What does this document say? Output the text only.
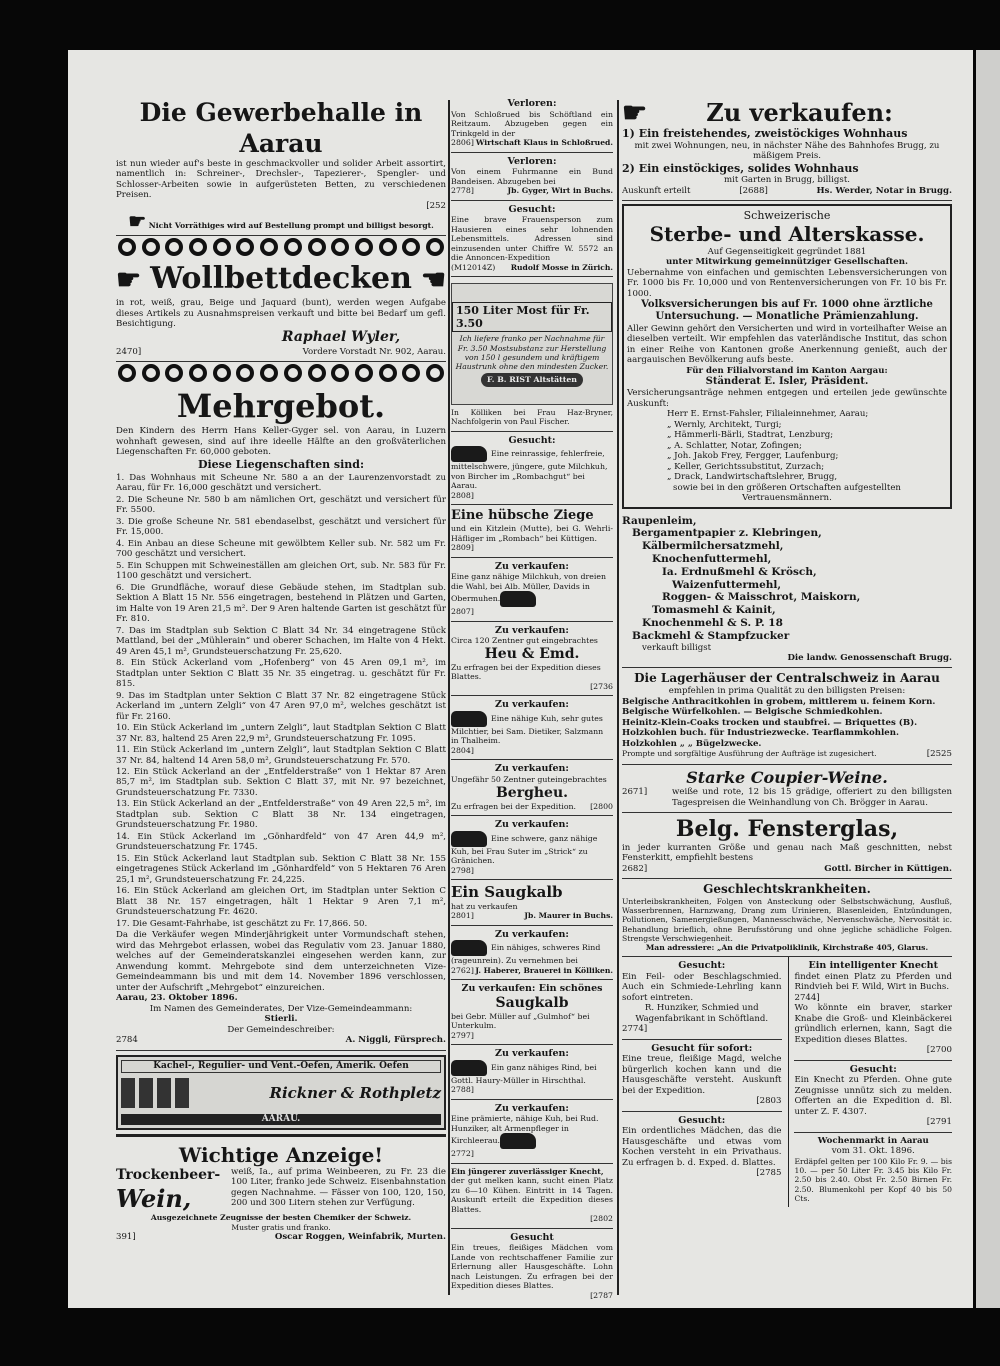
Die Gewerbehalle in Aarau
ist nun wieder auf's beste in geschmackvoller und solider Arbeit assortirt, namentlich in: Schreiner-, Drechsler-, Tapezierer-, Spengler- und Schlosser-Arbeiten sowie in aufgerüsteten Betten, zu verschiedenen Preisen.
[252
☛ Nicht Vorräthiges wird auf Bestellung prompt und billigst besorgt.
☛ Wollbettdecken ☛
in rot, weiß, grau, Beige und Jaquard (bunt), werden wegen Aufgabe dieses Artikels zu Ausnahmspreisen verkauft und bitte bei Bedarf um gefl. Besichtigung.
Raphael Wyler,
2470]	Vordere Vorstadt Nr. 902, Aarau.
Mehrgebot.
Den Kindern des Herrn Hans Keller-Gyger sel. von Aarau, in Luzern wohnhaft gewesen, sind auf ihre ideelle Hälfte an den großväterlichen Liegenschaften Fr. 60,000 geboten.
Diese Liegenschaften sind:
1. Das Wohnhaus mit Scheune Nr. 580 a an der Laurenzenvorstadt zu Aarau, für Fr. 16,000 geschätzt und versichert.
2. Die Scheune Nr. 580 b am nämlichen Ort, geschätzt und versichert für Fr. 5500.
3. Die große Scheune Nr. 581 ebendaselbst, geschätzt und versichert für Fr. 15,000.
4. Ein Anbau an diese Scheune mit gewölbtem Keller sub. Nr. 582 um Fr. 700 geschätzt und versichert.
5. Ein Schuppen mit Schweineställen am gleichen Ort, sub. Nr. 583 für Fr. 1100 geschätzt und versichert.
6. Die Grundfläche, worauf diese Gebäude stehen, im Stadtplan sub. Sektion A Blatt 15 Nr. 556 eingetragen, bestehend in Plätzen und Garten, im Halte von 19 Aren 21,5 m². Der 9 Aren haltende Garten ist geschätzt für Fr. 810.
7. Das im Stadtplan sub Sektion C Blatt 34 Nr. 34 eingetragene Stück Mattland, bei der „Mühlerain“ und oberer Schachen, im Halte von 4 Hekt. 49 Aren 45,1 m², Grundsteuerschatzung Fr. 25,620.
8. Ein Stück Ackerland vom „Hofenberg“ von 45 Aren 09,1 m², im Stadtplan unter Sektion C Blatt 35 Nr. 35 eingetrag. u. geschätzt für Fr. 815.
9. Das im Stadtplan unter Sektion C Blatt 37 Nr. 82 eingetragene Stück Ackerland im „untern Zelgli“ von 47 Aren 97,0 m², welches geschätzt ist für Fr. 2160.
10. Ein Stück Ackerland im „untern Zelgli“, laut Stadtplan Sektion C Blatt 37 Nr. 83, haltend 25 Aren 22,9 m², Grundsteuerschatzung Fr. 1095.
11. Ein Stück Ackerland im „untern Zelgli“, laut Stadtplan Sektion C Blatt 37 Nr. 84, haltend 14 Aren 58,0 m², Grundsteuerschatzung Fr. 570.
12. Ein Stück Ackerland an der „Entfelderstraße“ von 1 Hektar 87 Aren 85,7 m², im Stadtplan sub. Sektion C Blatt 37, mit Nr. 97 bezeichnet, Grundsteuerschatzung Fr. 7330.
13. Ein Stück Ackerland an der „Entfelderstraße“ von 49 Aren 22,5 m², im Stadtplan sub. Sektion C Blatt 38 Nr. 134 eingetragen, Grundsteuerschatzung Fr. 1980.
14. Ein Stück Ackerland im „Gönhardfeld“ von 47 Aren 44,9 m², Grundsteuerschatzung Fr. 1745.
15. Ein Stück Ackerland laut Stadtplan sub. Sektion C Blatt 38 Nr. 155 eingetragenes Stück Ackerland im „Gönhardfeld“ von 5 Hektaren 76 Aren 25,1 m², Grundsteuerschatzung Fr. 24,225.
16. Ein Stück Ackerland am gleichen Ort, im Stadtplan unter Sektion C Blatt 38 Nr. 157 eingetragen, hält 1 Hektar 9 Aren 7,1 m², Grundsteuerschatzung Fr. 4620.
17. Die Gesamt-Fahrhabe, ist geschätzt zu Fr. 17,866. 50.
Da die Verkäufer wegen Minderjährigkeit unter Vormundschaft stehen, wird das Mehrgebot erlassen, wobei das Regulativ vom 23. Januar 1880, welches auf der Gemeinderatskanzlei eingesehen werden kann, zur Anwendung kommt. Mehrgebote sind dem unterzeichneten Vize-Gemeindeammann bis und mit dem 14. November 1896 verschlossen, unter der Aufschrift „Mehrgebot“ einzureichen.
Aarau, 23. Oktober 1896.
Im Namen des Gemeinderates, Der Vize-Gemeindeammann:
Stierli.
Der Gemeindeschreiber:
2784	A. Niggli, Fürsprech.
Kachel-, Regulier- und Vent.-Oefen, Amerik. Oefen
Rickner & Rothpletz
AARAU.
Wichtige Anzeige!
Trockenbeer-
Wein,
weiß, Ia., auf prima Weinbeeren, zu Fr. 23 die 100 Liter, franko jede Schweiz. Eisenbahnstation gegen Nachnahme. — Fässer von 100, 120, 150, 200 und 300 Litern stehen zur Verfügung.
Ausgezeichnete Zeugnisse der besten Chemiker der Schweiz.
Muster gratis und franko.
391]	Oscar Roggen, Weinfabrik, Murten.
Verloren:
Von Schloßrued bis Schöftland ein Reitzaum. Abzugeben gegen ein Trinkgeld in der
2806] Wirtschaft Klaus in Schloßrued.
Verloren:
Von einem Fuhrmanne ein Bund Bandeisen. Abzugeben bei
2778]	Jb. Gyger, Wirt in Buchs.
Gesucht:
Eine brave Frauensperson zum Hausieren eines sehr lohnenden Lebensmittels. Adressen sind einzusenden unter Chiffre W. 5572 an die Annoncen-Expedition
(M12014Z) Rudolf Mosse in Zürich.
150 Liter Most für Fr. 3.50
Ich liefere franko per Nachnahme für Fr. 3.50 Mostsubstanz zur Herstellung von 150 l gesundem und kräftigem Haustrunk ohne den mindesten Zucker.
F. B. RIST Altstätten
In Kölliken bei Frau Haz-Bryner, Nachfolgerin von Paul Fischer.
Gesucht:
Eine reinrassige, fehlerfreie, mittelschwere, jüngere, gute Milchkuh, von Bircher im „Rombachgut“ bei Aarau.
2808]
Eine hübsche Ziege
und ein Kitzlein (Mutte), bei G. Wehrli-Häfliger im „Rombach“ bei Küttigen.
2809]
Zu verkaufen:
Eine ganz nähige Milchkuh, von dreien die Wahl, bei Alb. Müller, Davids in Obermuhen.
2807]
Zu verkaufen:
Circa 120 Zentner gut eingebrachtes
Heu & Emd.
Zu erfragen bei der Expedition dieses Blattes.
[2736
Zu verkaufen:
Eine nähige Kuh, sehr gutes Milchtier, bei Sam. Dietiker, Salzmann in Thalheim.
2804]
Zu verkaufen:
Ungefähr 50 Zentner guteingebrachtes
Bergheu.
Zu erfragen bei der Expedition. [2800
Zu verkaufen:
Eine schwere, ganz nähige Kuh, bei Frau Suter im „Strick“ zu Gränichen.
2798]
Ein Saugkalb
hat zu verkaufen
2801]	Jb. Maurer in Buchs.
Zu verkaufen:
Ein nähiges, schweres Rind (rageunrein). Zu vernehmen bei
2762] J. Haberer, Brauerei in Kölliken.
Zu verkaufen: Ein schönes
Saugkalb
bei Gebr. Müller auf „Gulmhof“ bei Unterkulm.
2797]
Zu verkaufen:
Ein ganz nähiges Rind, bei Gottl. Haury-Müller in Hirschthal.
2788]
Zu verkaufen:
Eine prämierte, nähige Kuh, bei Rud. Hunziker, alt Armenpfleger in Kirchleerau.
2772]
Ein jüngerer zuverlässiger Knecht,
der gut melken kann, sucht einen Platz zu 6—10 Kühen. Eintritt in 14 Tagen. Auskunft erteilt die Expedition dieses Blattes.
[2802
Gesucht
Ein treues, fleißiges Mädchen vom Lande von rechtschaffener Familie zur Erlernung aller Hausgeschäfte. Lohn nach Leistungen. Zu erfragen bei der Expedition dieses Blattes.
[2787
☛ Zu verkaufen:
1) Ein freistehendes, zweistöckiges Wohnhaus
mit zwei Wohnungen, neu, in nächster Nähe des Bahnhofes Brugg, zu mäßigem Preis.
2) Ein einstöckiges, solides Wohnhaus
mit Garten in Brugg, billigst.
Auskunft erteilt	[2688]	Hs. Werder, Notar in Brugg.
Schweizerische
Sterbe- und Alterskasse.
Auf Gegenseitigkeit gegründet 1881
unter Mitwirkung gemeinnütziger Gesellschaften.
Uebernahme von einfachen und gemischten Lebensversicherungen von Fr. 1000 bis Fr. 10,000 und von Rentenversicherungen von Fr. 10 bis Fr. 1000.
Volksversicherungen bis auf Fr. 1000 ohne ärztliche Untersuchung. — Monatliche Prämienzahlung.
Aller Gewinn gehört den Versicherten und wird in vorteilhafter Weise an dieselben verteilt. Wir empfehlen das vaterländische Institut, das schon in einer Reihe von Kantonen große Anerkennung genießt, auch der aargauischen Bevölkerung aufs beste.
Für den Filialvorstand im Kanton Aargau:
Ständerat E. Isler, Präsident.
Versicherungsanträge nehmen entgegen und erteilen jede gewünschte Auskunft:
Herr E. Ernst-Fahsler, Filialeinnehmer, Aarau;
„ Wernly, Architekt, Turgi;
„ Hämmerli-Bärli, Stadtrat, Lenzburg;
„ A. Schlatter, Notar, Zofingen;
„ Joh. Jakob Frey, Fergger, Laufenburg;
„ Keller, Gerichtssubstitut, Zurzach;
„ Drack, Landwirtschaftslehrer, Brugg,
sowie bei in den größeren Ortschaften aufgestellten Vertrauensmännern.
Raupenleim,
Bergamentpapier z. Klebringen,
Kälbermilchersatzmehl,
Knochenfuttermehl,
Ia. Erdnußmehl & Krösch,
Waizenfuttermehl,
Roggen- & Maisschrot, Maiskorn,
Tomasmehl & Kainit,
Knochenmehl & S. P. 18
Backmehl & Stampfzucker
verkauft billigst
Die landw. Genossenschaft Brugg.
Die Lagerhäuser der Centralschweiz in Aarau
empfehlen in prima Qualität zu den billigsten Preisen:
Belgische Anthracitkohlen in grobem, mittlerem u. feinem Korn.
Belgische Würfelkohlen. — Belgische Schmiedkohlen.
Heinitz-Klein-Coaks trocken und staubfrei. — Briquettes (B).
Holzkohlen buch. für Industriezwecke. Tearflammkohlen.
Holzkohlen „ „ Bügelzwecke.
Prompte und sorgfältige Ausführung der Aufträge ist zugesichert.	[2525
Starke Coupier-Weine.
2671]	weiße und rote, 12 bis 15 grädige, offeriert zu den billigsten Tagespreisen die Weinhandlung von Ch. Brögger in Aarau.
Belg. Fensterglas,
in jeder kurranten Größe und genau nach Maß geschnitten, nebst Fensterkitt, empfiehlt bestens
2682]	Gottl. Bircher in Küttigen.
Geschlechtskrankheiten.
Unterleibskrankheiten, Folgen von Ansteckung oder Selbstschwächung, Ausfluß, Wasserbrennen, Harnzwang, Drang zum Urinieren, Blasenleiden, Entzündungen, Pollutionen, Samenergießungen, Mannesschwäche, Nervenschwäche, Nervosität ic. Behandlung brieflich, ohne Berufsstörung und ohne jegliche schädliche Folgen. Strengste Verschwiegenheit.
Man adressiere: „An die Privatpoliklinik, Kirchstraße 405, Glarus.
Gesucht:
Ein Feil- oder Beschlagschmied. Auch ein Schmiede-Lehrling kann sofort eintreten.
R. Hunziker, Schmied und Wagenfabrikant in Schöftland.
2774]
Gesucht für sofort:
Eine treue, fleißige Magd, welche bürgerlich kochen kann und die Hausgeschäfte versteht. Auskunft bei der Expedition.
[2803
Gesucht:
Ein ordentliches Mädchen, das die Hausgeschäfte und etwas vom Kochen versteht in ein Privathaus. Zu erfragen b. d. Exped. d. Blattes.
[2785
Ein intelligenter Knecht
findet einen Platz zu Pferden und Rindvieh bei F. Wild, Wirt in Buchs.
2744]
Wo könnte ein braver, starker Knabe die Groß- und Kleinbäckerei gründlich erlernen, kann, Sagt die Expedition dieses Blattes.
[2700
Gesucht:
Ein Knecht zu Pferden. Ohne gute Zeugnisse unnütz sich zu melden. Offerten an die Expedition d. Bl. unter Z. F. 4307.
[2791
Wochenmarkt in Aarau
vom 31. Okt. 1896.
Erdäpfel gelten per 100 Kilo Fr. 9. — bis 10. — per 50 Liter Fr. 3.45 bis Kilo Fr. 2.50 bis 2.40. Obst Fr. 2.50 Birnen Fr. 2.50. Blumenkohl per Kopf 40 bis 50 Cts.
